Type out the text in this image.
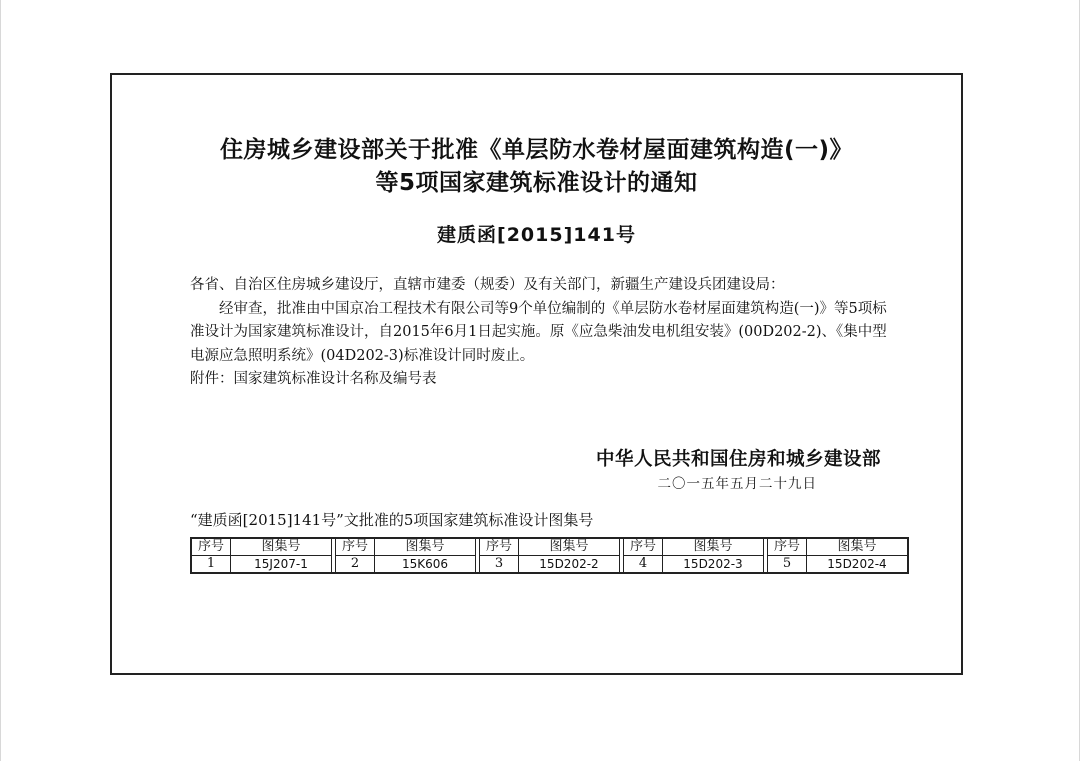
住房城乡建设部关于批准《单层防水卷材屋面建筑构造(一)》
等5项国家建筑标准设计的通知
建质函[2015]141号

各省、自治区住房城乡建设厅，直辖市建委（规委）及有关部门，新疆生产建设兵团建设局：

经审查，批准由中国京冶工程技术有限公司等9个单位编制的《单层防水卷材屋面建筑构造(一)》等5项标准设计为国家建筑标准设计，自2015年6月1日起实施。原《应急柴油发电机组安装》(00D202-2)、《集中型电源应急照明系统》(04D202-3)标准设计同时废止。

附件：国家建筑标准设计名称及编号表

中华人民共和国住房和城乡建设部
二〇一五年五月二十九日
“建质函[2015]141号”文批准的5项国家建筑标准设计图集号
序号	图集号		序号	图集号		序号	图集号		序号	图集号		序号	图集号
1	15J207-1		2	15K606		3	15D202-2		4	15D202-3		5	15D202-4
